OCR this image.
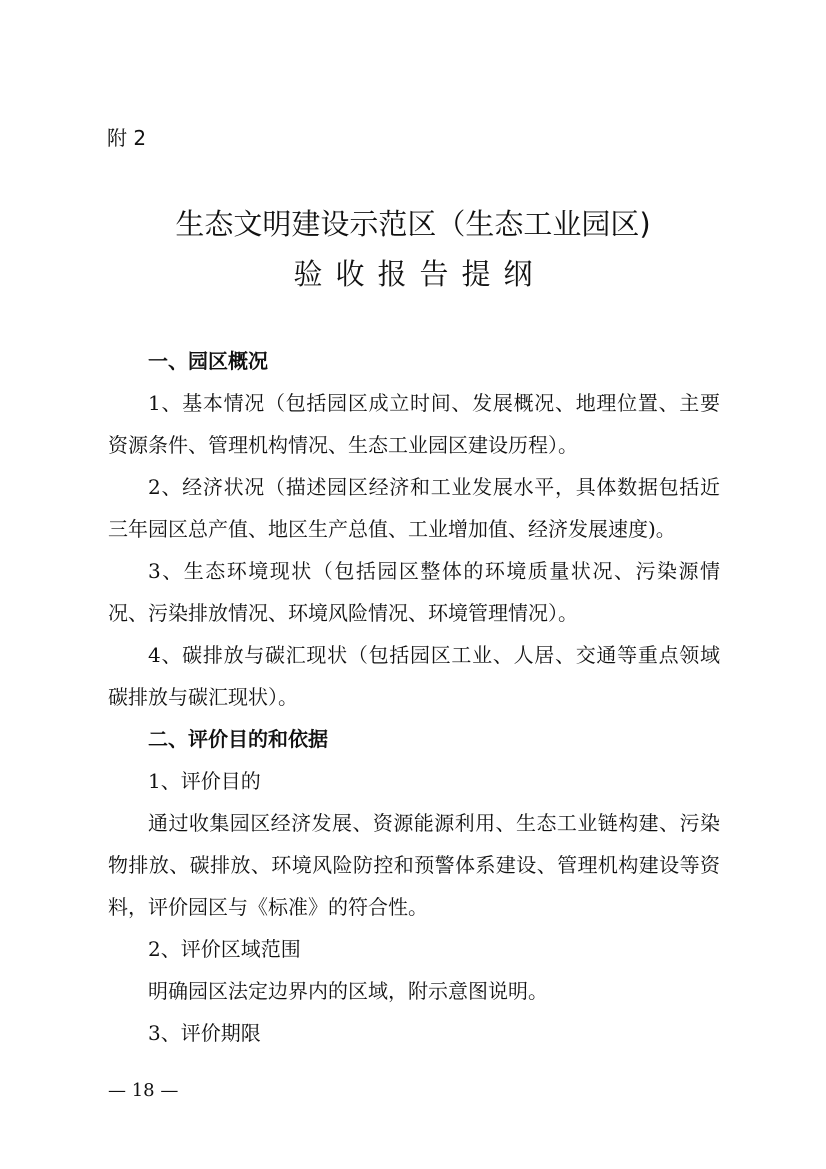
附 2
生态文明建设示范区（生态工业园区)
验收报告提纲
一、园区概况
1、基本情况（包括园区成立时间、发展概况、地理位置、主要资源条件、管理机构情况、生态工业园区建设历程）。
2、经济状况（描述园区经济和工业发展水平，具体数据包括近三年园区总产值、地区生产总值、工业增加值、经济发展速度)。
3、生态环境现状（包括园区整体的环境质量状况、污染源情况、污染排放情况、环境风险情况、环境管理情况）。
4、碳排放与碳汇现状（包括园区工业、人居、交通等重点领域碳排放与碳汇现状）。
二、评价目的和依据
1、评价目的
通过收集园区经济发展、资源能源利用、生态工业链构建、污染物排放、碳排放、环境风险防控和预警体系建设、管理机构建设等资料，评价园区与《标准》的符合性。
2、评价区域范围
明确园区法定边界内的区域，附示意图说明。
3、评价期限
— 18 —
